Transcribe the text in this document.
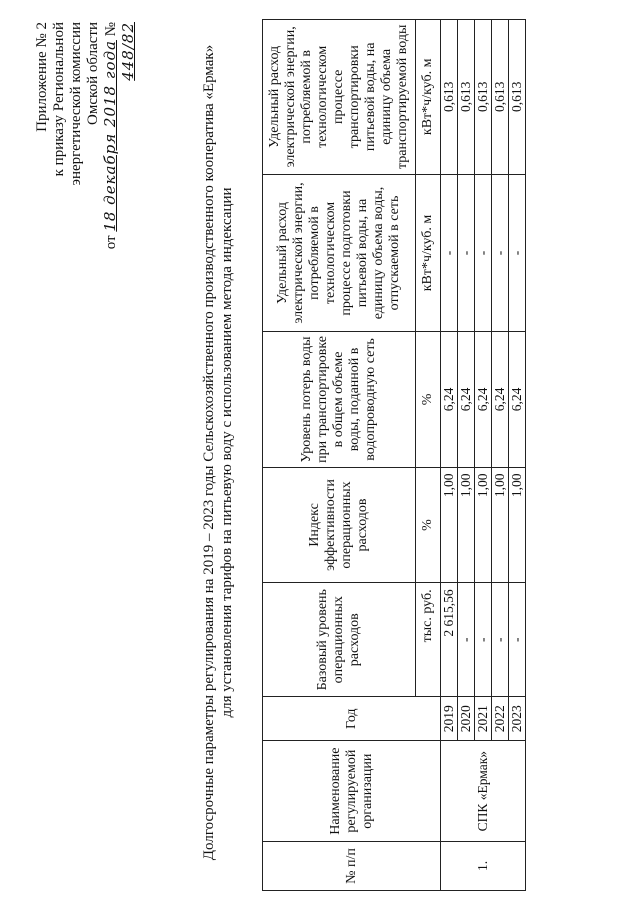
Приложение № 2 к приказу Региональной энергетической комиссии Омской области
от 18 декабря 2018 года № 448/82	Долгосрочные параметры регулирования на 2019 – 2023 годы Сельскохозяйственного производственного кооператива «Ермак» для установления тарифов на питьевую воду с использованием метода индексации
№ п/п	Наименование регулируемой организации	Год	Базовый уровень операционных расходов	Индекс эффективности операционных расходов	Уровень потерь воды при транспортировке в общем объеме воды, поданной в водопроводную сеть	Удельный расход электрической энергии, потребляемой в технологическом процессе подготовки питьевой воды, на единицу объема воды, отпускаемой в сеть	Удельный расход электрической энергии, потребляемой в технологическом процессе транспортировки питьевой воды, на единицу объема транспортируемой воды
			тыс. руб.	%	%	кВт*ч/куб. м	кВт*ч/куб. м
1.	СПК «Ермак»	2019	2 615,56	1,00	6,24	-	0,613
		2020	-	1,00	6,24	-	0,613
		2021	-	1,00	6,24	-	0,613
		2022	-	1,00	6,24	-	0,613
		2023	-	1,00	6,24	-	0,613
